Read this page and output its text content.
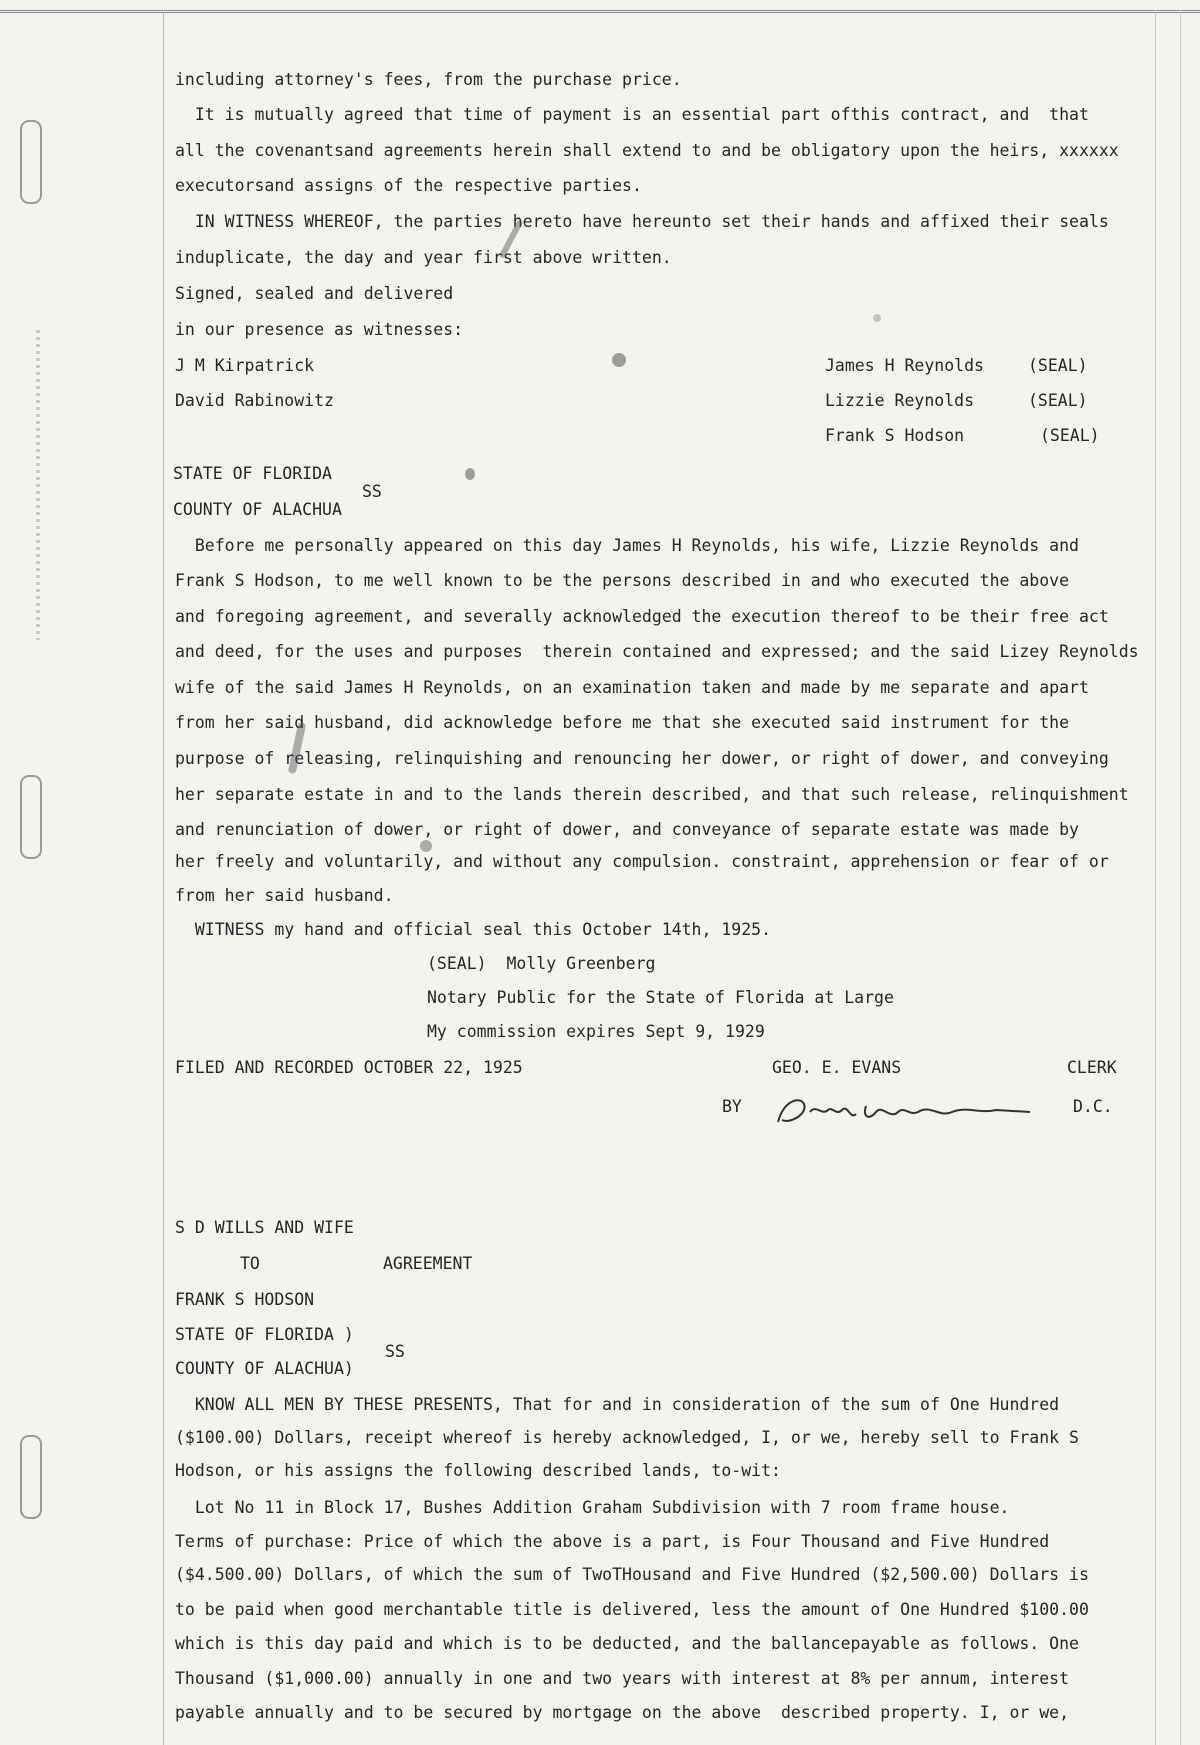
including attorney's fees, from the purchase price.
It is mutually agreed that time of payment is an essential part ofthis contract, and  that
all the covenantsand agreements herein shall extend to and be obligatory upon the heirs, xxxxxx
executorsand assigns of the respective parties.
IN WITNESS WHEREOF, the parties hereto have hereunto set their hands and affixed their seals
induplicate, the day and year first above written.
Signed, sealed and delivered
in our presence as witnesses:
J M Kirpatrick
David Rabinowitz
James H Reynolds	(SEAL)
Lizzie Reynolds	(SEAL)
Frank S Hodson	(SEAL)
STATE OF FLORIDA
SS
COUNTY OF ALACHUA
Before me personally appeared on this day James H Reynolds, his wife, Lizzie Reynolds and
Frank S Hodson, to me well known to be the persons described in and who executed the above
and foregoing agreement, and severally acknowledged the execution thereof to be their free act
and deed, for the uses and purposes  therein contained and expressed; and the said Lizey Reynolds
wife of the said James H Reynolds, on an examination taken and made by me separate and apart
from her said husband, did acknowledge before me that she executed said instrument for the
purpose of releasing, relinquishing and renouncing her dower, or right of dower, and conveying
her separate estate in and to the lands therein described, and that such release, relinquishment
and renunciation of dower, or right of dower, and conveyance of separate estate was made by
her freely and voluntarily, and without any compulsion. constraint, apprehension or fear of or
from her said husband.
WITNESS my hand and official seal this October 14th, 1925.
(SEAL)  Molly Greenberg
Notary Public for the State of Florida at Large
My commission expires Sept 9, 1929
FILED AND RECORDED OCTOBER 22, 1925	GEO. E. EVANS	CLERK
BY	D.C.
S D WILLS AND WIFE
TO	AGREEMENT
FRANK S HODSON
STATE OF FLORIDA )
SS
COUNTY OF ALACHUA)
KNOW ALL MEN BY THESE PRESENTS, That for and in consideration of the sum of One Hundred
($100.00) Dollars, receipt whereof is hereby acknowledged, I, or we, hereby sell to Frank S
Hodson, or his assigns the following described lands, to-wit:
Lot No 11 in Block 17, Bushes Addition Graham Subdivision with 7 room frame house.
Terms of purchase: Price of which the above is a part, is Four Thousand and Five Hundred
($4.500.00) Dollars, of which the sum of TwoTHousand and Five Hundred ($2,500.00) Dollars is
to be paid when good merchantable title is delivered, less the amount of One Hundred $100.00
which is this day paid and which is to be deducted, and the ballancepayable as follows. One
Thousand ($1,000.00) annually in one and two years with interest at 8% per annum, interest
payable annually and to be secured by mortgage on the above  described property. I, or we,
